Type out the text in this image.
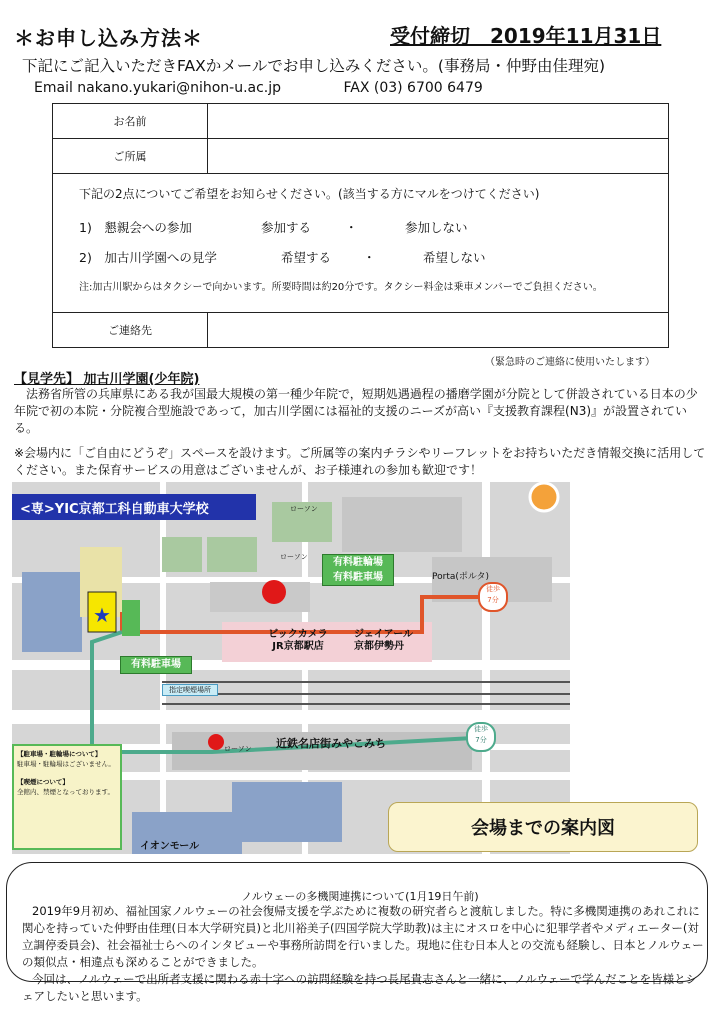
＊お申し込み方法＊	受付締切　2019年11月31日
下記にご記入いただきFAXかメールでお申し込みください。(事務局・仲野由佳理宛)
Email nakano.yukari@nihon-u.ac.jp	FAX (03) 6700 6479
お名前	
ご所属	

下記の2点についてご希望をお知らせください。(該当する方にマルをつけてください)
1)　懇親会への参加 参加する ・ 参加しない
2)　加古川学園への見学 希望する ・ 希望しない
注:加古川駅からはタクシーで向かいます。所要時間は約20分です。タクシー料金は乗車メンバーでご負担ください。	

ご連絡先	
（緊急時のご連絡に使用いたします）
【見学先】 加古川学園(少年院)
法務省所管の兵庫県にある我が国最大規模の第一種少年院で，短期処遇過程の播磨学園が分院として併設されている日本の少年院で初の本院・分院複合型施設であって，加古川学園には福祉的支援のニーズが高い『支援教育課程(N3)』が設置されている。
※会場内に「ご自由にどうぞ」スペースを設けます。ご所属等の案内チラシやリーフレットをお持ちいただき情報交換に活用してください。また保育サービスの用意はございませんが、お子様連れの参加も歓迎です！
★
<専>YIC京都工科自動車大学校
有料駐輪場
有料駐車場
有料駐車場
ビックカメラ
JR京都駅店
ジェイアール
京都伊勢丹
Porta(ポルタ)
徒歩
7分
徒歩
7分
近鉄名店街みやこみち
イオンモール
ローソン
ローソン
ローソン
指定喫煙場所
【駐車場・駐輪場について】
駐車場・駐輪場はございません。
【喫煙について】
全館内、禁煙となっております。
会場までの案内図
ノルウェーの多機関連携について(1月19日午前)
2019年9月初め、福祉国家ノルウェーの社会復帰支援を学ぶために複数の研究者らと渡航しました。特に多機関連携のあれこれに関心を持っていた仲野由佳理(日本大学研究員)と北川裕美子(四国学院大学助教)は主にオスロを中心に犯罪学者やメディエーター(対立調停委員会)、社会福祉士らへのインタビューや事務所訪問を行いました。現地に住む日本人との交流も経験し、日本とノルウェーの類似点・相違点も深めることができました。
今回は、ノルウェーで出所者支援に関わる赤十字への訪問経験を持つ長尾貴志さんと一緒に、ノルウェーで学んだことを皆様とシェアしたいと思います。
